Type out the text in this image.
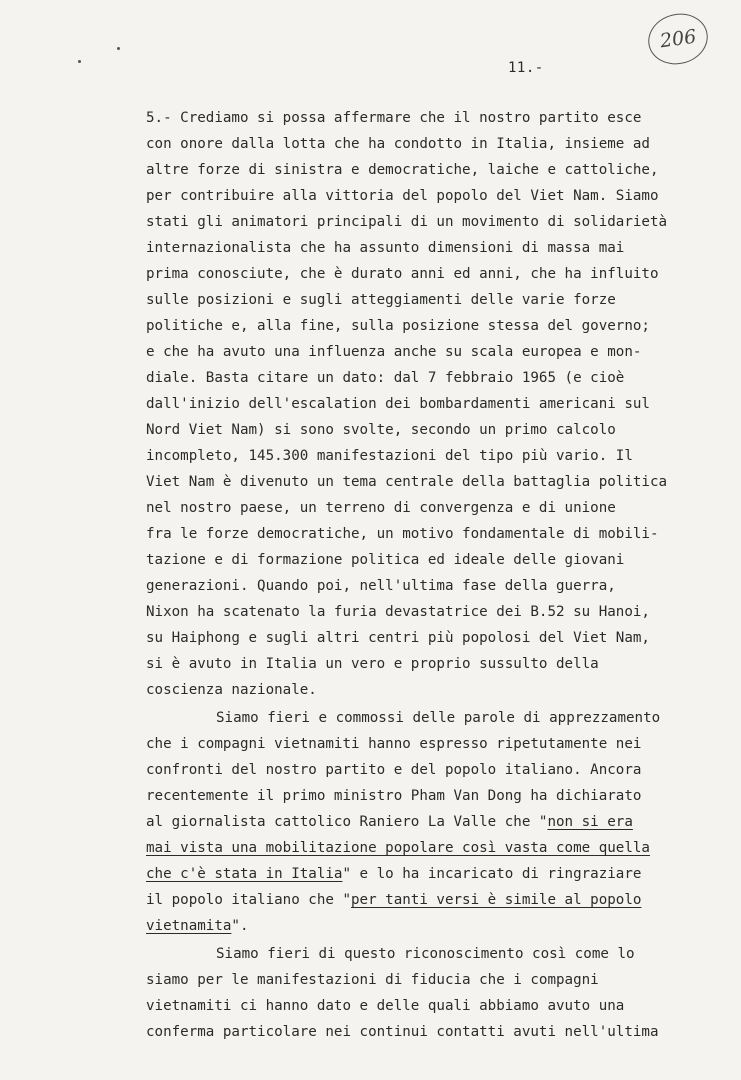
206
11.-
5.- Crediamo si possa affermare che il nostro partito esce
con onore dalla lotta che ha condotto in Italia, insieme ad
altre forze di sinistra e democratiche, laiche e cattoliche,
per contribuire alla vittoria del popolo del Viet Nam. Siamo
stati gli animatori principali di un movimento di solidarietà
internazionalista che ha assunto dimensioni di massa mai
prima conosciute, che è durato anni ed anni, che ha influito
sulle posizioni e sugli atteggiamenti delle varie forze
politiche e, alla fine, sulla posizione stessa del governo;
e che ha avuto una influenza anche su scala europea e mon-
diale. Basta citare un dato: dal 7 febbraio 1965 (e cioè
dall'inizio dell'escalation dei bombardamenti americani sul
Nord Viet Nam) si sono svolte, secondo un primo calcolo
incompleto, 145.300 manifestazioni del tipo più vario. Il
Viet Nam è divenuto un tema centrale della battaglia politica
nel nostro paese, un terreno di convergenza e di unione
fra le forze democratiche, un motivo fondamentale di mobili-
tazione e di formazione politica ed ideale delle giovani
generazioni. Quando poi, nell'ultima fase della guerra,
Nixon ha scatenato la furia devastatrice dei B.52 su Hanoi,
su Haiphong e sugli altri centri più popolosi del Viet Nam,
si è avuto in Italia un vero e proprio sussulto della
coscienza nazionale.
Siamo fieri e commossi delle parole di apprezzamento
che i compagni vietnamiti hanno espresso ripetutamente nei
confronti del nostro partito e del popolo italiano. Ancora
recentemente il primo ministro Pham Van Dong ha dichiarato
al giornalista cattolico Raniero La Valle che "non si era
mai vista una mobilitazione popolare così vasta come quella
che c'è stata in Italia" e lo ha incaricato di ringraziare
il popolo italiano che "per tanti versi è simile al popolo
vietnamita".
Siamo fieri di questo riconoscimento così come lo
siamo per le manifestazioni di fiducia che i compagni
vietnamiti ci hanno dato e delle quali abbiamo avuto una
conferma particolare nei continui contatti avuti nell'ultima
